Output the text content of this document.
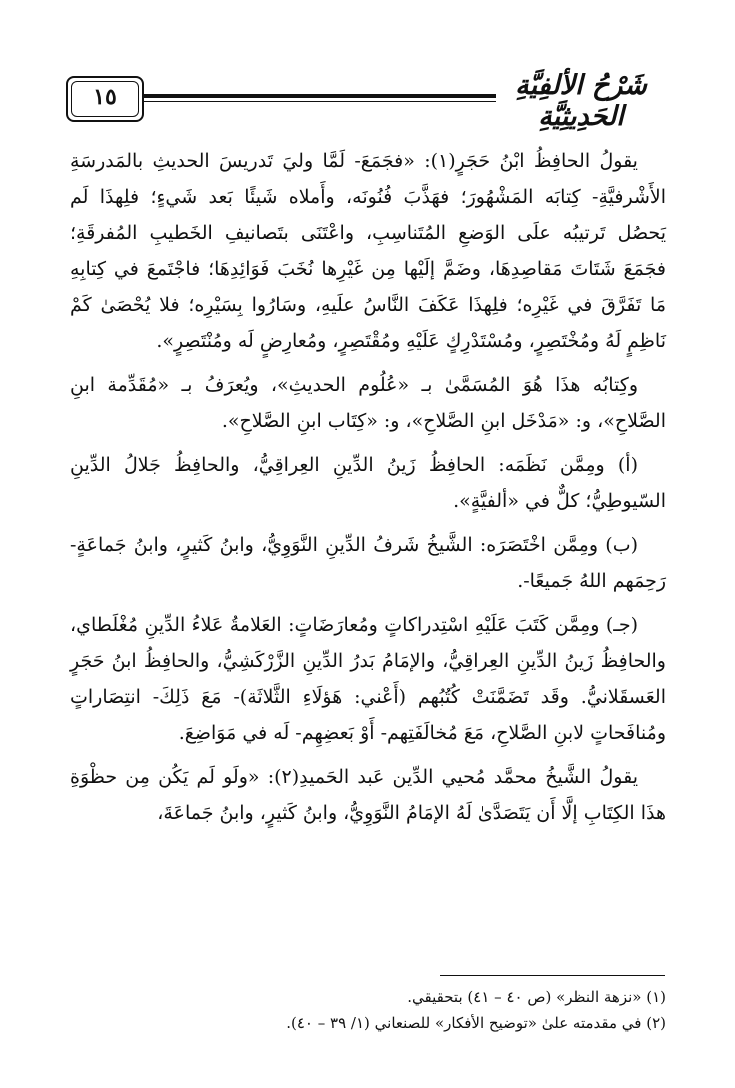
١٥	شَرْحُ الألفِيَّةِ الحَدِيثِيَّةِ

يقولُ الحافِظُ ابْنُ حَجَرٍ(١): «فجَمَعَ- لَمَّا وليَ تَدريسَ الحديثِ بالمَدرسَةِ الأَشْرفيَّةِ- كِتابَه المَشْهُورَ؛ فهَذَّبَ فُنُونَه، وأَملاه شَيئًا بَعد شَيءٍ؛ فلِهذَا لَم يَحصُل تَرتيبُه علَى الوَضعِ المُتَناسِبِ، واعْتَنَى بتَصانيفِ الخَطيبِ المُفرقَةِ؛ فجَمَعَ شَتَاتَ مَقاصِدِهَا، وضَمَّ إلَيْها مِن غَيْرِها نُخَبَ فَوَائِدِهَا؛ فاجْتَمعَ في كِتابِهِ مَا تَفَرَّقَ في غَيْرِه؛ فلِهذَا عَكَفَ النَّاسُ علَيهِ، وسَارُوا بِسَيْرِه؛ فلا يُحْصَىٰ كَمْ نَاظِمٍ لَهُ ومُخْتَصِرٍ، ومُسْتَدْرِكٍ عَلَيْهِ ومُقْتَصِرٍ، ومُعارِضٍ لَه ومُنْتَصِرٍ».

وكِتابُه هذَا هُوَ المُسَمَّىٰ بـ «عُلُوم الحديثِ»، ويُعرَفُ بـ «مُقَدِّمة ابنِ الصَّلاحِ»، و: «مَدْخَل ابنِ الصَّلاحِ»، و: «كِتَاب ابنِ الصَّلاحِ».

(أ) ومِمَّن نَظَمَه: الحافِظُ زَينُ الدِّينِ العِراقِيُّ، والحافِظُ جَلالُ الدِّينِ السّيوطِيُّ؛ كلٌّ في «ألفيَّةٍ».

(ب) ومِمَّن اخْتَصَرَه: الشَّيخُ شَرفُ الدِّينِ النَّوَوِيُّ، وابنُ كَثيرٍ، وابنُ جَماعَةٍ- رَحِمَهم اللهُ جَميعًا-.

(جـ) ومِمَّن كَتَبَ عَلَيْهِ اسْتِدراكاتٍ ومُعارَضَاتٍ: العَلامةُ عَلاءُ الدِّينِ مُغْلَطاي، والحافِظُ زَينُ الدِّينِ العِراقِيُّ، والإمَامُ بَدرُ الدِّينِ الزَّرْكَشِيُّ، والحافِظُ ابنُ حَجَرٍ العَسقَلانيُّ. وقَد تَضَمَّنَتْ كُتُبُهم (أَعْني: هَؤلَاءِ الثَّلاثَة)- مَعَ ذَلِكَ- انتِصَاراتٍ ومُنافَحاتٍ لابنِ الصَّلاحِ، مَعَ مُخالَفَتِهم- أَوْ بَعضِهِم- لَه في مَوَاضِعَ.

يقولُ الشَّيخُ محمَّد مُحيي الدِّين عَبد الحَميدِ(٢): «ولَو لَم يَكُن مِن حظْوَةِ هذَا الكِتَابِ إلَّا أَن يَتَصَدَّىٰ لَهُ الإمَامُ النَّوَوِيُّ، وابنُ كَثيرٍ، وابنُ جَماعَةَ،

(١) «نزهة النظر» (ص ٤٠ – ٤١) بتحقيقي.

(٢) في مقدمته علىٰ «توضيح الأفكار» للصنعاني (١/ ٣٩ – ٤٠).
